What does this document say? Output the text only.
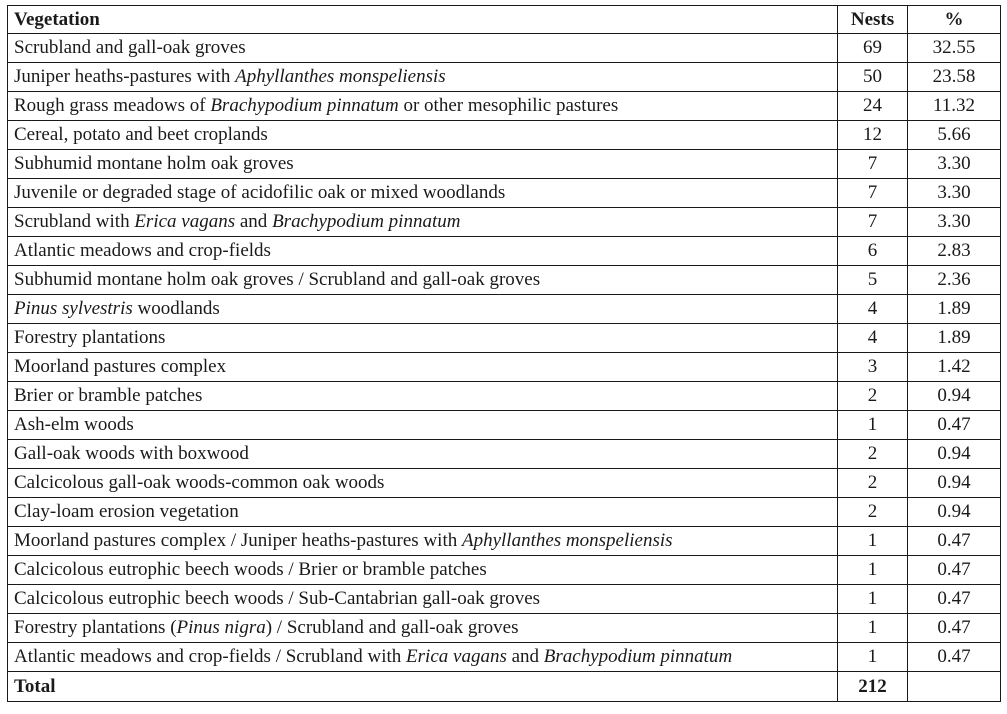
Vegetation	Nests	%
Scrubland and gall-oak groves	69	32.55
Juniper heaths-pastures with Aphyllanthes monspeliensis	50	23.58
Rough grass meadows of Brachypodium pinnatum or other mesophilic pastures	24	11.32
Cereal, potato and beet croplands	12	5.66
Subhumid montane holm oak groves	7	3.30
Juvenile or degraded stage of acidofilic oak or mixed woodlands	7	3.30
Scrubland with Erica vagans and Brachypodium pinnatum	7	3.30
Atlantic meadows and crop-fields	6	2.83
Subhumid montane holm oak groves / Scrubland and gall-oak groves	5	2.36
Pinus sylvestris woodlands	4	1.89
Forestry plantations	4	1.89
Moorland pastures complex	3	1.42
Brier or bramble patches	2	0.94
Ash-elm woods	1	0.47
Gall-oak woods with boxwood	2	0.94
Calcicolous gall-oak woods-common oak woods	2	0.94
Clay-loam erosion vegetation	2	0.94
Moorland pastures complex / Juniper heaths-pastures with Aphyllanthes monspeliensis	1	0.47
Calcicolous eutrophic beech woods / Brier or bramble patches	1	0.47
Calcicolous eutrophic beech woods / Sub-Cantabrian gall-oak groves	1	0.47
Forestry plantations (Pinus nigra) / Scrubland and gall-oak groves	1	0.47
Atlantic meadows and crop-fields / Scrubland with Erica vagans and Brachypodium pinnatum	1	0.47
Total	212	
